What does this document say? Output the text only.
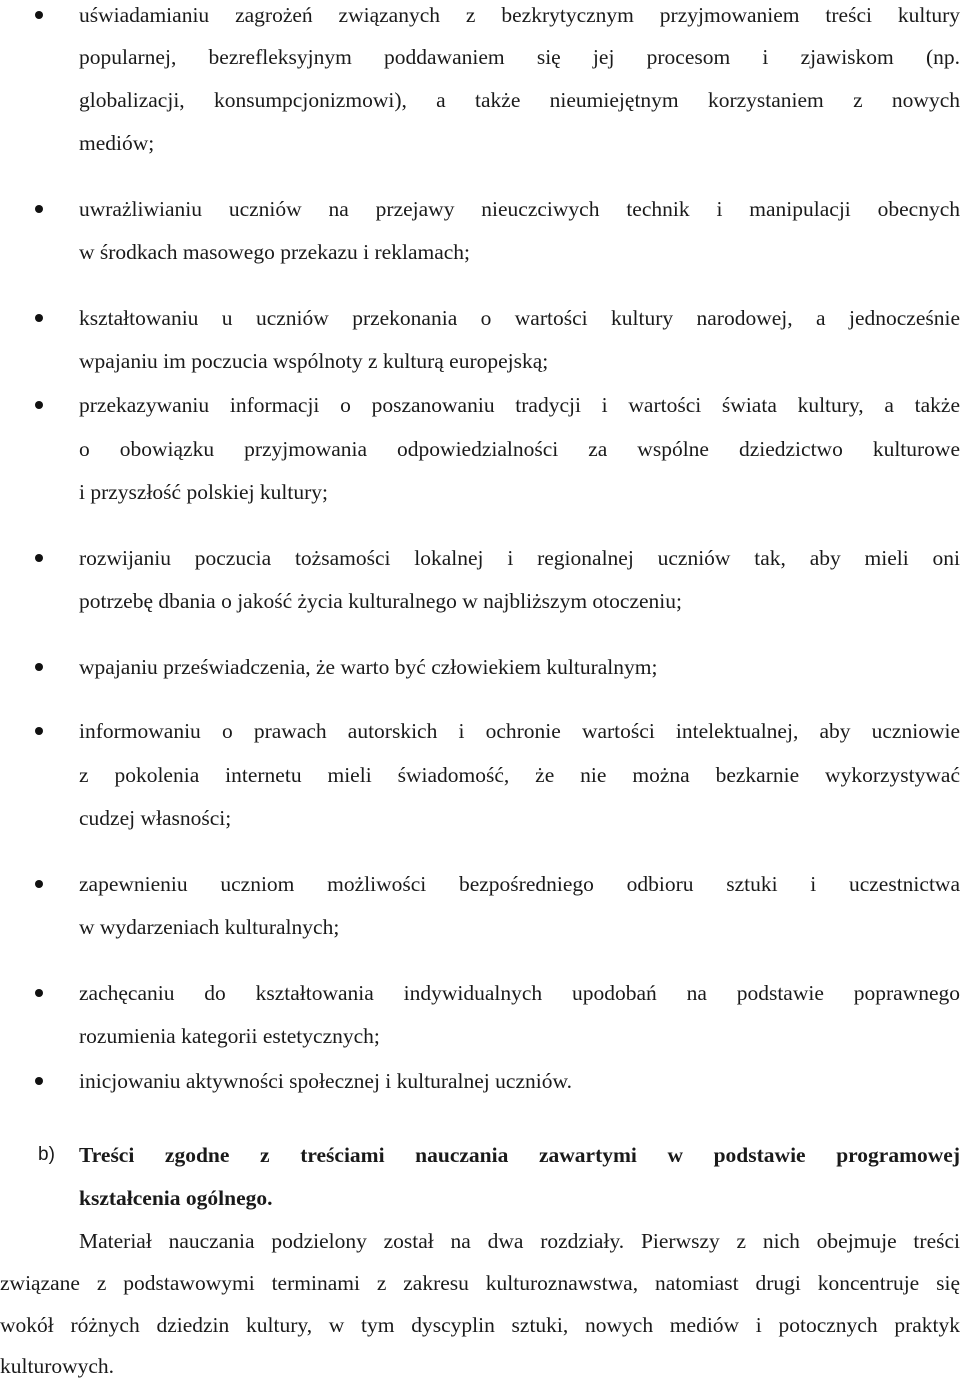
uświadamianiu zagrożeń związanych z bezkrytycznym przyjmowaniem treści kultury
popularnej, bezrefleksyjnym poddawaniem się jej procesom i zjawiskom (np.
globalizacji, konsumpcjonizmowi), a także nieumiejętnym korzystaniem z nowych
mediów;
uwrażliwianiu uczniów na przejawy nieuczciwych technik i manipulacji obecnych
w środkach masowego przekazu i reklamach;
kształtowaniu u uczniów przekonania o wartości kultury narodowej, a jednocześnie
wpajaniu im poczucia wspólnoty z kulturą europejską;
przekazywaniu informacji o poszanowaniu tradycji i wartości świata kultury, a także
o obowiązku przyjmowania odpowiedzialności za wspólne dziedzictwo kulturowe
i przyszłość polskiej kultury;
rozwijaniu poczucia tożsamości lokalnej i regionalnej uczniów tak, aby mieli oni
potrzebę dbania o jakość życia kulturalnego w najbliższym otoczeniu;
wpajaniu przeświadczenia, że warto być człowiekiem kulturalnym;
informowaniu o prawach autorskich i ochronie wartości intelektualnej, aby uczniowie
z pokolenia internetu mieli świadomość, że nie można bezkarnie wykorzystywać
cudzej własności;
zapewnieniu uczniom możliwości bezpośredniego odbioru sztuki i uczestnictwa
w wydarzeniach kulturalnych;
zachęcaniu do kształtowania indywidualnych upodobań na podstawie poprawnego
rozumienia kategorii estetycznych;
inicjowaniu aktywności społecznej i kulturalnej uczniów.
b) Treści zgodne z treściami nauczania zawartymi w podstawie programowej
kształcenia ogólnego.
Materiał nauczania podzielony został na dwa rozdziały. Pierwszy z nich obejmuje treści
związane z podstawowymi terminami z zakresu kulturoznawstwa, natomiast drugi koncentruje się
wokół różnych dziedzin kultury, w tym dyscyplin sztuki, nowych mediów i potocznych praktyk
kulturowych.
